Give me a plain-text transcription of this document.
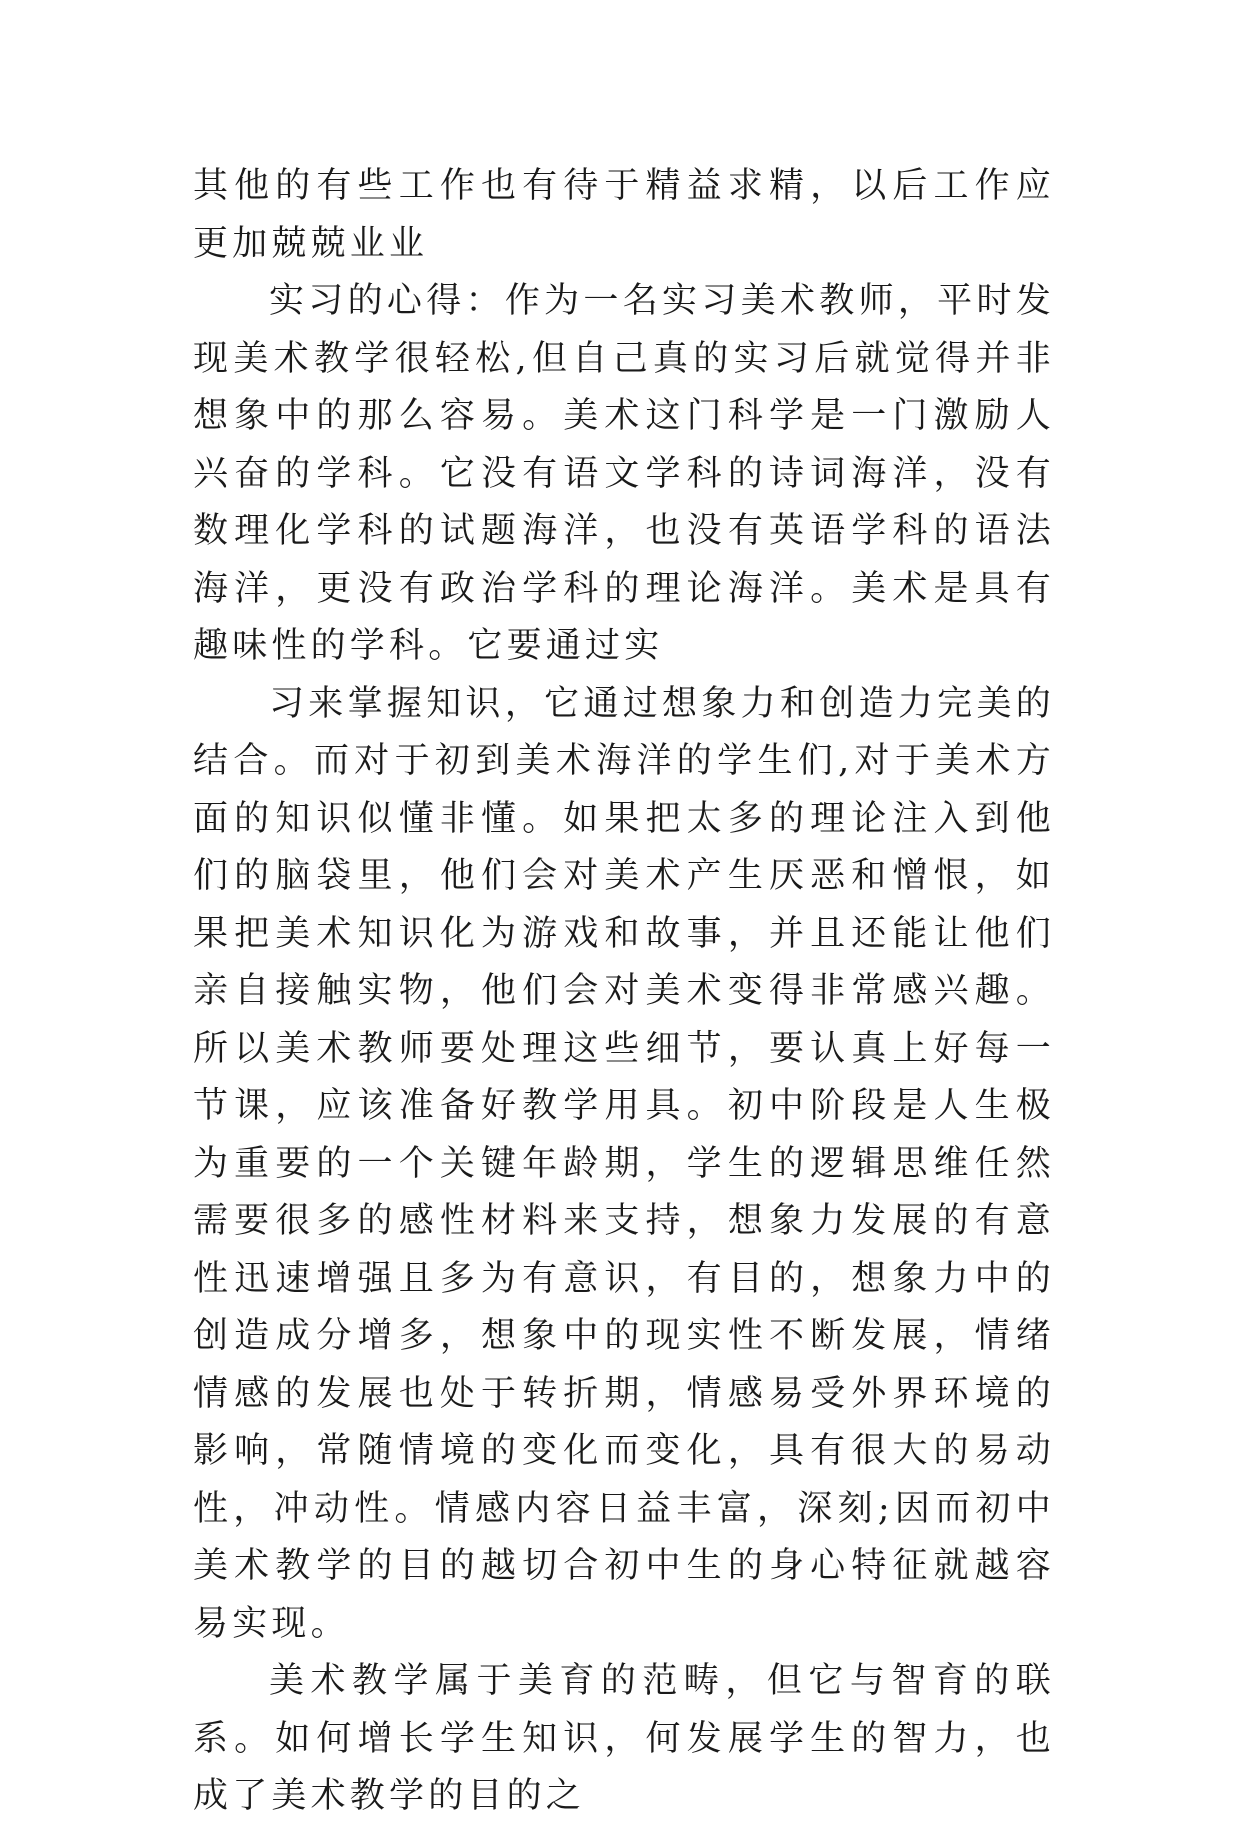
其他的有些工作也有待于精益求精，以后工作应更加兢兢业业

实习的心得：作为一名实习美术教师，平时发现美术教学很轻松,但自己真的实习后就觉得并非想象中的那么容易。美术这门科学是一门激励人兴奋的学科。它没有语文学科的诗词海洋，没有数理化学科的试题海洋，也没有英语学科的语法海洋，更没有政治学科的理论海洋。美术是具有趣味性的学科。它要通过实

习来掌握知识，它通过想象力和创造力完美的结合。而对于初到美术海洋的学生们,对于美术方面的知识似懂非懂。如果把太多的理论注入到他们的脑袋里，他们会对美术产生厌恶和憎恨，如果把美术知识化为游戏和故事，并且还能让他们亲自接触实物，他们会对美术变得非常感兴趣。所以美术教师要处理这些细节，要认真上好每一节课，应该准备好教学用具。初中阶段是人生极为重要的一个关键年龄期，学生的逻辑思维任然需要很多的感性材料来支持，想象力发展的有意性迅速增强且多为有意识，有目的，想象力中的创造成分增多，想象中的现实性不断发展，情绪情感的发展也处于转折期，情感易受外界环境的影响，常随情境的变化而变化，具有很大的易动性，冲动性。情感内容日益丰富，深刻;因而初中美术教学的目的越切合初中生的身心特征就越容易实现。

美术教学属于美育的范畴，但它与智育的联系。如何增长学生知识，何发展学生的智力，也成了美术教学的目的之
